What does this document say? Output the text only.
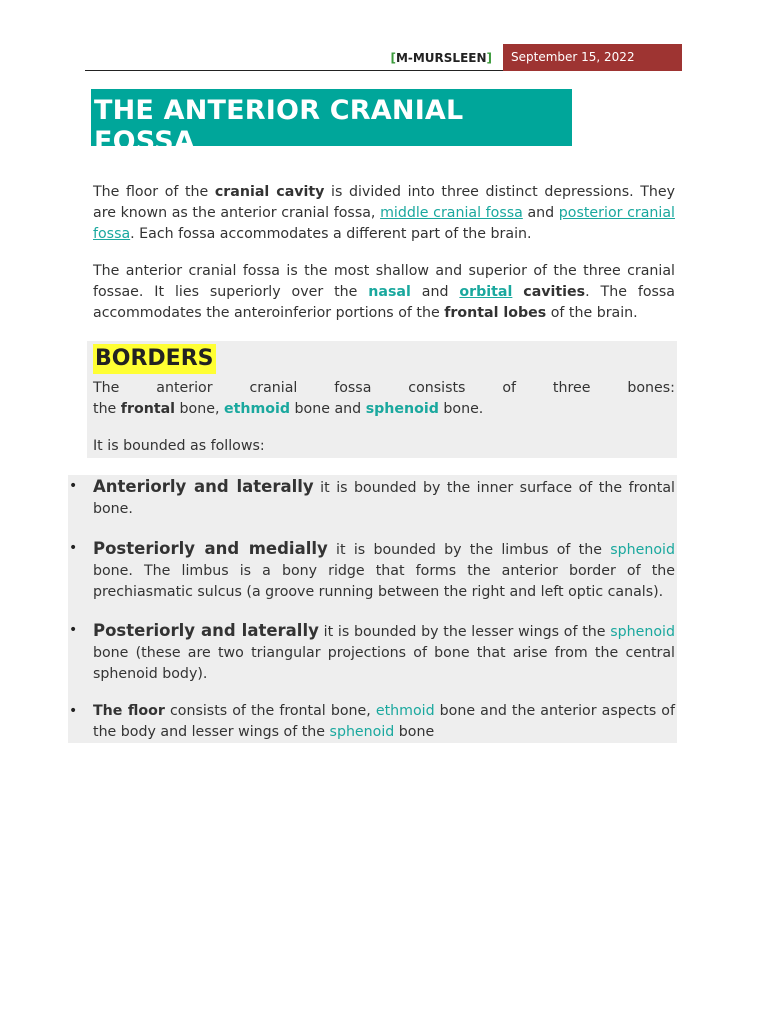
[M-MURSLEEN]	September 15, 2022
THE ANTERIOR CRANIAL FOSSA
The floor of the cranial cavity is divided into three distinct depressions. They are known as the anterior cranial fossa, middle cranial fossa and posterior cranial fossa. Each fossa accommodates a different part of the brain.
The anterior cranial fossa is the most shallow and superior of the three cranial fossae. It lies superiorly over the nasal and orbital cavities. The fossa accommodates the anteroinferior portions of the frontal lobes of the brain.
BORDERS
The	anterior	cranial	fossa	consists	of	three	bones:
the frontal bone, ethmoid bone and sphenoid bone.
It is bounded as follows:
• Anteriorly and laterally it is bounded by the inner surface of the frontal bone.
• Posteriorly and medially it is bounded by the limbus of the sphenoid bone. The limbus is a bony ridge that forms the anterior border of the prechiasmatic sulcus (a groove running between the right and left optic canals).
• Posteriorly and laterally it is bounded by the lesser wings of the sphenoid bone (these are two triangular projections of bone that arise from the central sphenoid body).
• The floor consists of the frontal bone, ethmoid bone and the anterior aspects of the body and lesser wings of the sphenoid bone
